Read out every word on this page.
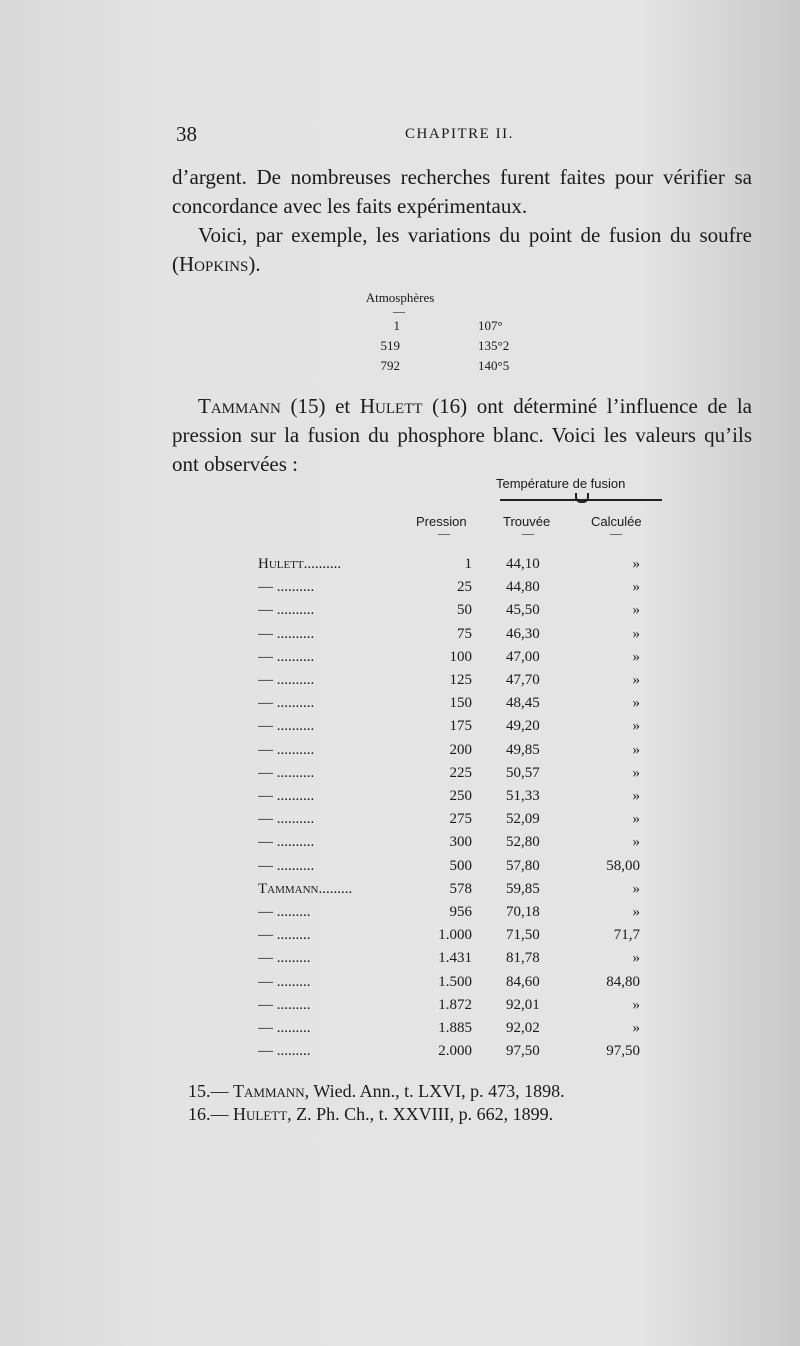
38	CHAPITRE II.

d’argent. De nombreuses recherches furent faites pour vérifier sa concordance avec les faits expérimentaux.

Voici, par exemple, les variations du point de fusion du soufre (Hopkins).

Atmosphères
—
1	107°
519	135°2
792	140°5

Tammann (15) et Hulett (16) ont déterminé l’influence de la pression sur la fusion du phosphore blanc. Voici les valeurs qu’ils ont observées :

Température de fusion
Pression	Trouvée	Calculée
—	—	—
Hulett..........	1 44,10	»
— ..........	25 44,80	»
— ..........	50 45,50	»
— ..........	75 46,30	»
— ..........	100 47,00	»
— ..........	125 47,70	»
— ..........	150 48,45	»
— ..........	175 49,20	»
— ..........	200 49,85	»
— ..........	225 50,57	»
— ..........	250 51,33	»
— ..........	275 52,09	»
— ..........	300 52,80	»
— ..........	500 57,80	58,00
Tammann.........	578 59,85	»
— .........	956 70,18	»
— .........	1.000 71,50	71,7
— .........	1.431 81,78	»
— .........	1.500 84,60	84,80
— .........	1.872 92,01	»
— .........	1.885 92,02	»
— .........	2.000 97,50	97,50
15.— Tammann, Wied. Ann., t. LXVI, p. 473, 1898.
16.— Hulett, Z. Ph. Ch., t. XXVIII, p. 662, 1899.
